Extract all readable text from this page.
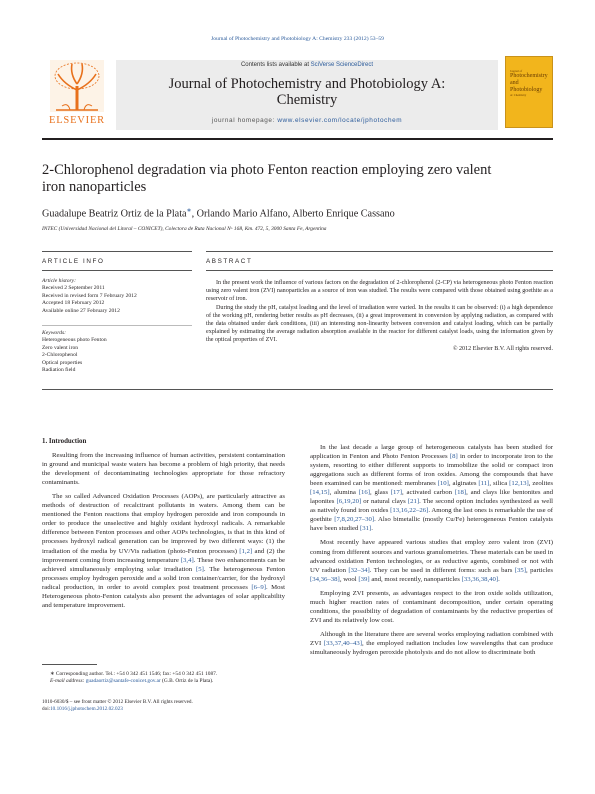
Journal of Photochemistry and Photobiology A: Chemistry 233 (2012) 53–59
ELSEVIER
Contents lists available at SciVerse ScienceDirect
Journal of Photochemistry and Photobiology A:
Chemistry
journal homepage: www.elsevier.com/locate/jphotochem
Journal of
Photochemistry and Photobiology
A: Chemistry
2-Chlorophenol degradation via photo Fenton reaction employing zero valent
iron nanoparticles
Guadalupe Beatriz Ortiz de la Plata∗, Orlando Mario Alfano, Alberto Enrique Cassano
INTEC (Universidad Nacional del Litoral – CONICET), Colectora de Ruta Nacional N◦ 168, Km. 472, 5, 3000 Santa Fe, Argentina
ARTICLE INFO	ABSTRACT
Article history:
Received 2 September 2011
Received in revised form 7 February 2012
Accepted 18 February 2012
Available online 27 February 2012
Keywords:
Heterogeneous photo Fenton
Zero valent iron
2-Chlorophenol
Optical properties
Radiation field

In the present work the influence of various factors on the degradation of 2-chlorophenol (2-CP) via heterogeneous photo Fenton reaction using zero valent iron (ZVI) nanoparticles as a source of iron was studied. The results were compared with those obtained using goethite as a reservoir of iron.

During the study the pH, catalyst loading and the level of irradiation were varied. In the results it can be observed: (i) a high dependence of the working pH, rendering better results as pH decreases, (ii) a great improvement in conversion by applying radiation, as compared with the data obtained under dark conditions, (iii) an interesting non-linearity between conversion and catalyst loading, which can be partially explained by estimating the average radiation absorption available in the reactor for different catalyst loads, using the information given by the optical properties of ZVI.

© 2012 Elsevier B.V. All rights reserved.

1. Introduction

Resulting from the increasing influence of human activities, persistent contamination in ground and municipal waste waters has become a problem of high priority, that needs the development of decontaminating technologies appropriate for those refractory contaminants.

The so called Advanced Oxidation Processes (AOPs), are particularly attractive as methods of destruction of recalcitrant pollutants in waters. Among them can be mentioned the Fenton reactions that employ hydrogen peroxide and iron compounds in order to produce the unselective and highly oxidant hydroxyl radicals. A remarkable difference between Fenton processes and other AOPs technologies, is that in this kind of processes hydroxyl radical generation can be improved by two different ways: (1) the irradiation of the media by UV/Vis radiation (photo-Fenton processes) [1,2] and (2) the improvement coming from increasing temperature [3,4]. These two enhancements can be achieved simultaneously employing solar irradiation [5]. The heterogeneous Fenton processes employ hydrogen peroxide and a solid iron container/carrier, for the hydroxyl radical production, in order to avoid complex post treatment processes [6–9]. Most Heterogeneous photo-Fenton catalysts also present the advantages of solar applicability and temperature improvement.

In the last decade a large group of heterogeneous catalysts has been studied for application in Fenton and Photo Fenton Processes [8] in order to incorporate iron to the system, resorting to either different supports to immobilize the solid or compact iron aggregations such as different forms of iron oxides. Among the compounds that have been examined can be mentioned: membranes [10], alginates [11], silica [12,13], zeolites [14,15], alumina [16], glass [17], activated carbon [18], and clays like bentonites and laponites [6,19,20] or natural clays [21]. The second option includes synthesized as well as natively found iron oxides [13,16,22–26]. Among the last ones is remarkable the use of goethite [7,8,20,27–30]. Also bimetallic (mostly Cu/Fe) heterogeneous Fenton catalysts have been studied [31].

Most recently have appeared various studies that employ zero valent iron (ZVI) coming from different sources and various granulometries. These materials can be used in advanced oxidation Fenton technologies, or as reductive agents, combined or not with UV radiation [32–34]. They can be used in different forms: such as bars [35], particles [34,36–38], wool [39] and, most recently, nanoparticles [33,36,38,40].

Employing ZVI presents, as advantages respect to the iron oxide solids utilization, much higher reaction rates of contaminant decomposition, under certain operating conditions, the possibility of degradation of contaminants by the reductive properties of ZVI and its relatively low cost.

Although in the literature there are several works employing radiation combined with ZVI [33,37,40–43], the employed radiation includes low wavelengths that can produce simultaneously hydrogen peroxide photolysis and do not allow to discriminate both

∗ Corresponding author. Tel.: +54 0 342 451 1546; fax: +54 0 342 451 1087.
E-mail address: guadaortiz@santafe-conicet.gov.ar (G.B. Ortiz de la Plata).
1010-6030/$ – see front matter © 2012 Elsevier B.V. All rights reserved.
doi:10.1016/j.jphotochem.2012.02.023
